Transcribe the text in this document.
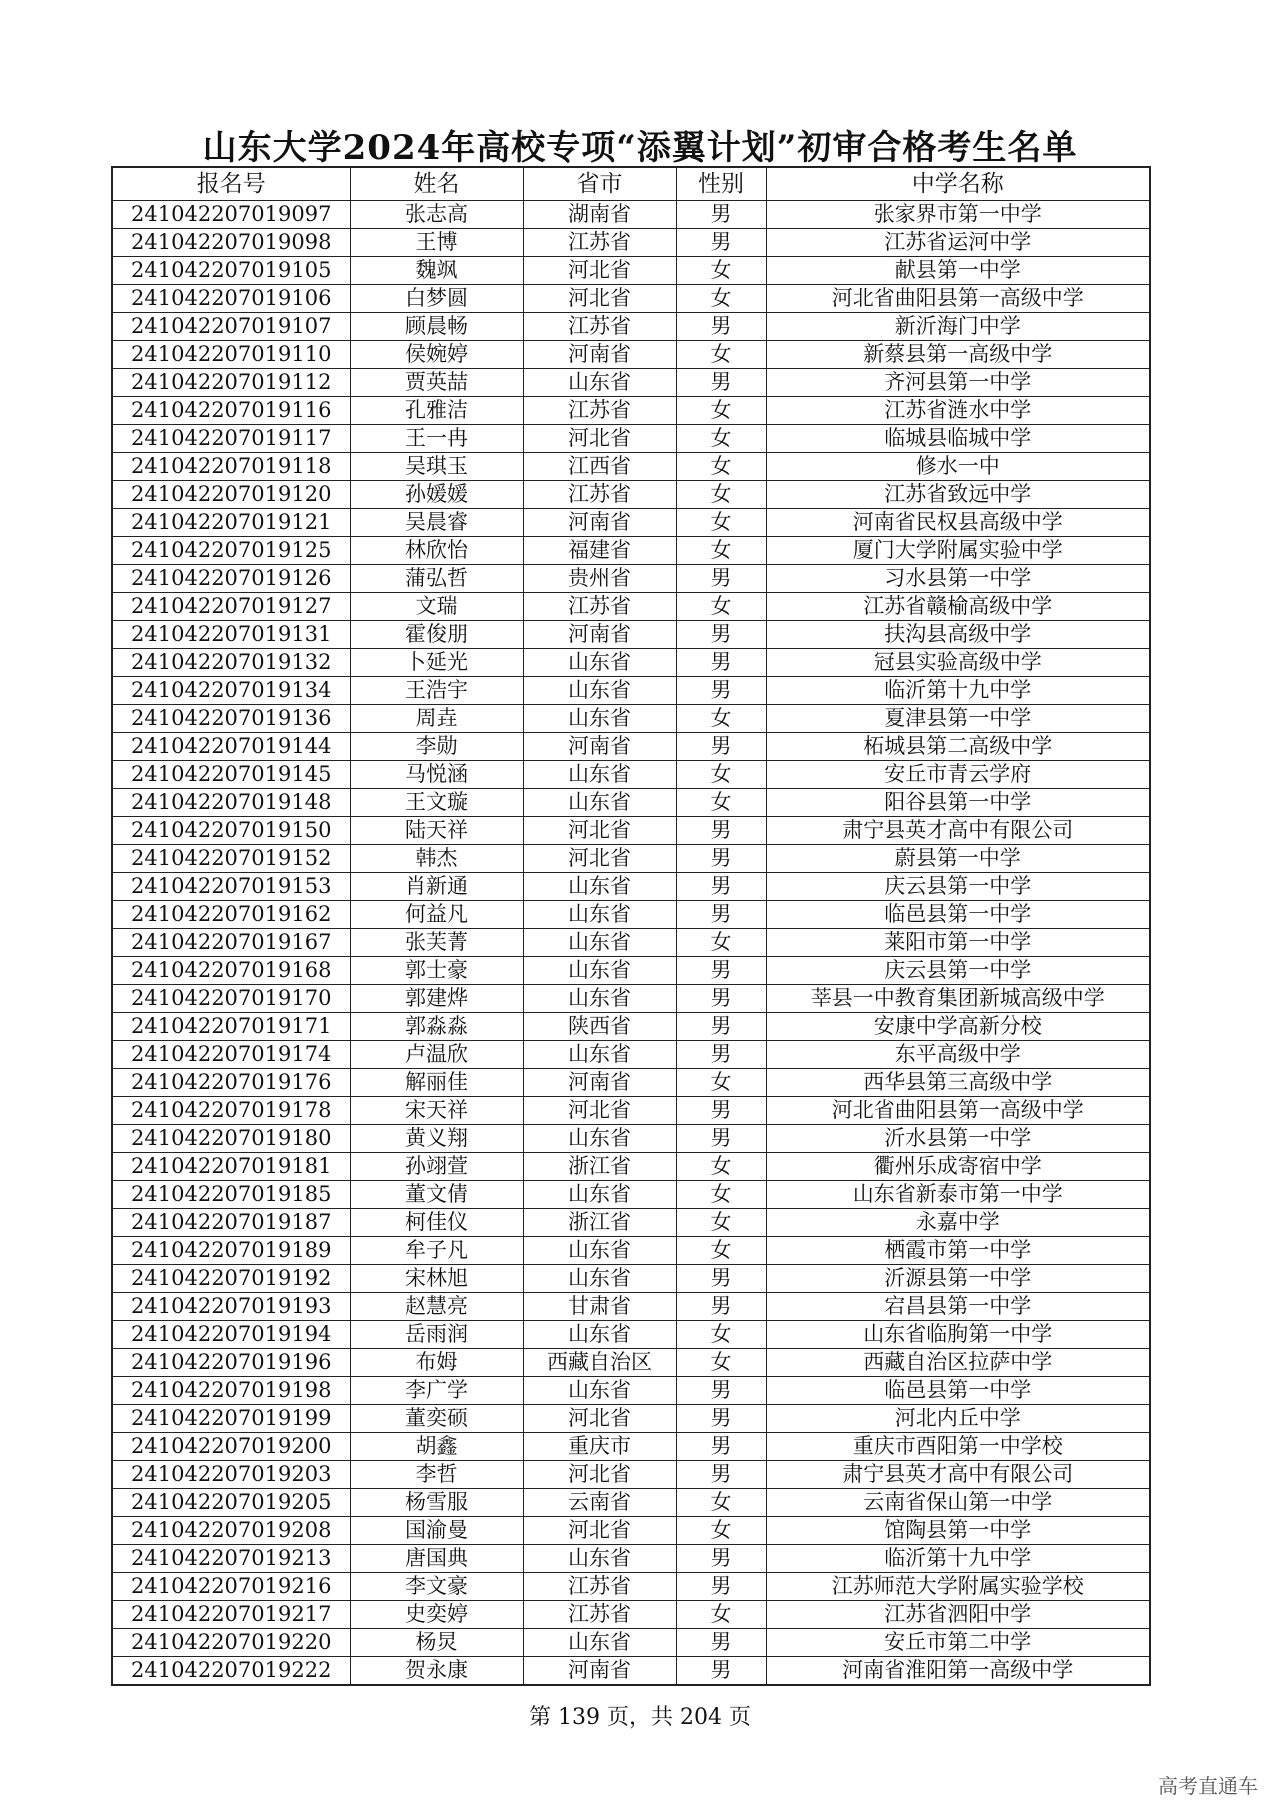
山东大学2024年高校专项“添翼计划”初审合格考生名单
报名号	姓名	省市	性别	中学名称
241042207019097	张志高	湖南省	男	张家界市第一中学
241042207019098	王博	江苏省	男	江苏省运河中学
241042207019105	魏飒	河北省	女	献县第一中学
241042207019106	白梦圆	河北省	女	河北省曲阳县第一高级中学
241042207019107	顾晨畅	江苏省	男	新沂海门中学
241042207019110	侯婉婷	河南省	女	新蔡县第一高级中学
241042207019112	贾英喆	山东省	男	齐河县第一中学
241042207019116	孔雅洁	江苏省	女	江苏省涟水中学
241042207019117	王一冉	河北省	女	临城县临城中学
241042207019118	吴琪玉	江西省	女	修水一中
241042207019120	孙媛媛	江苏省	女	江苏省致远中学
241042207019121	吴晨睿	河南省	女	河南省民权县高级中学
241042207019125	林欣怡	福建省	女	厦门大学附属实验中学
241042207019126	蒲弘哲	贵州省	男	习水县第一中学
241042207019127	文瑞	江苏省	女	江苏省赣榆高级中学
241042207019131	霍俊朋	河南省	男	扶沟县高级中学
241042207019132	卜延光	山东省	男	冠县实验高级中学
241042207019134	王浩宇	山东省	男	临沂第十九中学
241042207019136	周垚	山东省	女	夏津县第一中学
241042207019144	李勋	河南省	男	柘城县第二高级中学
241042207019145	马悦涵	山东省	女	安丘市青云学府
241042207019148	王文璇	山东省	女	阳谷县第一中学
241042207019150	陆天祥	河北省	男	肃宁县英才高中有限公司
241042207019152	韩杰	河北省	男	蔚县第一中学
241042207019153	肖新通	山东省	男	庆云县第一中学
241042207019162	何益凡	山东省	男	临邑县第一中学
241042207019167	张芙菁	山东省	女	莱阳市第一中学
241042207019168	郭士豪	山东省	男	庆云县第一中学
241042207019170	郭建烨	山东省	男	莘县一中教育集团新城高级中学
241042207019171	郭淼淼	陕西省	男	安康中学高新分校
241042207019174	卢温欣	山东省	男	东平高级中学
241042207019176	解丽佳	河南省	女	西华县第三高级中学
241042207019178	宋天祥	河北省	男	河北省曲阳县第一高级中学
241042207019180	黄义翔	山东省	男	沂水县第一中学
241042207019181	孙翊萱	浙江省	女	衢州乐成寄宿中学
241042207019185	董文倩	山东省	女	山东省新泰市第一中学
241042207019187	柯佳仪	浙江省	女	永嘉中学
241042207019189	牟子凡	山东省	女	栖霞市第一中学
241042207019192	宋林旭	山东省	男	沂源县第一中学
241042207019193	赵慧亮	甘肃省	男	宕昌县第一中学
241042207019194	岳雨润	山东省	女	山东省临朐第一中学
241042207019196	布姆	西藏自治区	女	西藏自治区拉萨中学
241042207019198	李广学	山东省	男	临邑县第一中学
241042207019199	董奕硕	河北省	男	河北内丘中学
241042207019200	胡鑫	重庆市	男	重庆市酉阳第一中学校
241042207019203	李哲	河北省	男	肃宁县英才高中有限公司
241042207019205	杨雪服	云南省	女	云南省保山第一中学
241042207019208	国渝曼	河北省	女	馆陶县第一中学
241042207019213	唐国典	山东省	男	临沂第十九中学
241042207019216	李文豪	江苏省	男	江苏师范大学附属实验学校
241042207019217	史奕婷	江苏省	女	江苏省泗阳中学
241042207019220	杨炅	山东省	男	安丘市第二中学
241042207019222	贺永康	河南省	男	河南省淮阳第一高级中学
第 139 页，共 204 页
高考直通车
